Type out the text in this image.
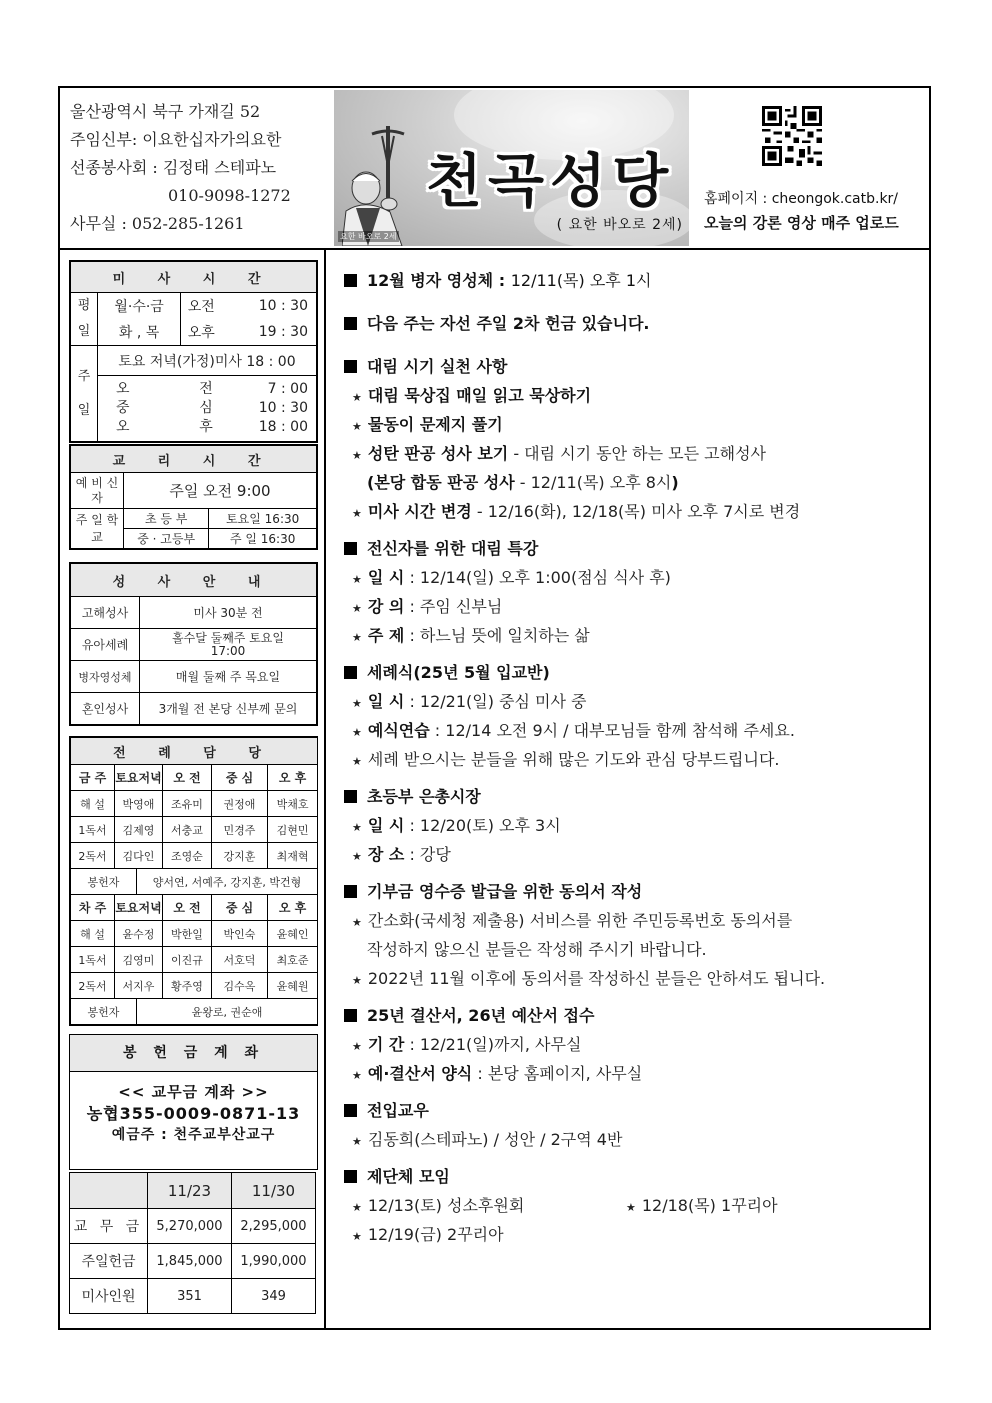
울산광역시 북구 가재길 52
주임신부: 이요한십자가의요한
선종봉사회 : 김정태 스테파노
010-9098-1272
사무실 : 052-285-1261
천곡성당
( 요한 바오로 2세)
요한 바오로 2세
홈페이지 : cheongok.catb.kr/
오늘의 강론 영상 매주 업로드
미 사 시 간			
평
일	월·수·금	오전	10 : 30
	화 , 목	오후	19 : 30
주
일	토요 저녁(가정)미사 18 : 00		

오	전	7 : 00
중	심	10 : 30
오	후	18 : 00
교 리 시 간		
예 비 신 자	주일 오전 9:00	
주 일 학 교	초 등 부	토요일 16:30
	중 · 고등부	주 일 16:30
성 사 안 내	
고해성사	미사 30분 전
유아세례	홀수달 둘째주 토요일 17:00
병자영성체	매월 둘째 주 목요일
혼인성사	3개월 전 본당 신부께 문의
전 례 담 당					
금 주	토요저녁		오 전	중 심	오 후
해 설	박영애		조유미	권정애	박채호
1독서	김제영		서충교	민경주	김현민
2독서	김다인		조영순	강지훈	최재혁
봉헌자		양서연, 서예주, 강지훈, 박건형			
차 주	토요저녁		오 전	중 심	오 후
해 설	윤수정		박한일	박인숙	윤혜인
1독서	김영미		이진규	서호덕	최호준
2독서	서지우		황주영	김수옥	윤혜원
봉헌자		윤왕로, 권순애			
봉 헌 금 계 좌
<< 교무금 계좌 >>
농협355-0009-0871-13
예금주 : 천주교부산교구
	11/23	11/30
교 무 금	5,270,000	2,295,000
주일헌금	1,845,000	1,990,000
미사인원	351	349
12월 병자 영성체 : 12/11(목) 오후 1시
다음 주는 자선 주일 2차 헌금 있습니다.
대림 시기 실천 사항
★ 대림 묵상집 매일 읽고 묵상하기
★ 물동이 문제지 풀기
★ 성탄 판공 성사 보기 - 대림 시기 동안 하는 모든 고해성사
(본당 합동 판공 성사 - 12/11(목) 오후 8시)
★ 미사 시간 변경 - 12/16(화), 12/18(목) 미사 오후 7시로 변경
전신자를 위한 대림 특강
★ 일 시 : 12/14(일) 오후 1:00(점심 식사 후)
★ 강 의 : 주임 신부님
★ 주 제 : 하느님 뜻에 일치하는 삶
세례식(25년 5월 입교반)
★ 일 시 : 12/21(일) 중심 미사 중
★ 예식연습 : 12/14 오전 9시 / 대부모님들 함께 참석해 주세요.
★ 세례 받으시는 분들을 위해 많은 기도와 관심 당부드립니다.
초등부 은총시장
★ 일 시 : 12/20(토) 오후 3시
★ 장 소 : 강당
기부금 영수증 발급을 위한 동의서 작성
★ 간소화(국세청 제출용) 서비스를 위한 주민등록번호 동의서를
작성하지 않으신 분들은 작성해 주시기 바랍니다.
★ 2022년 11월 이후에 동의서를 작성하신 분들은 안하셔도 됩니다.
25년 결산서, 26년 예산서 접수
★ 기 간 : 12/21(일)까지, 사무실
★ 예·결산서 양식 : 본당 홈페이지, 사무실
전입교우
★ 김동희(스테파노) / 성안 / 2구역 4반
제단체 모임
★ 12/13(토) 성소후원회	★ 12/18(목) 1꾸리아
★ 12/19(금) 2꾸리아
